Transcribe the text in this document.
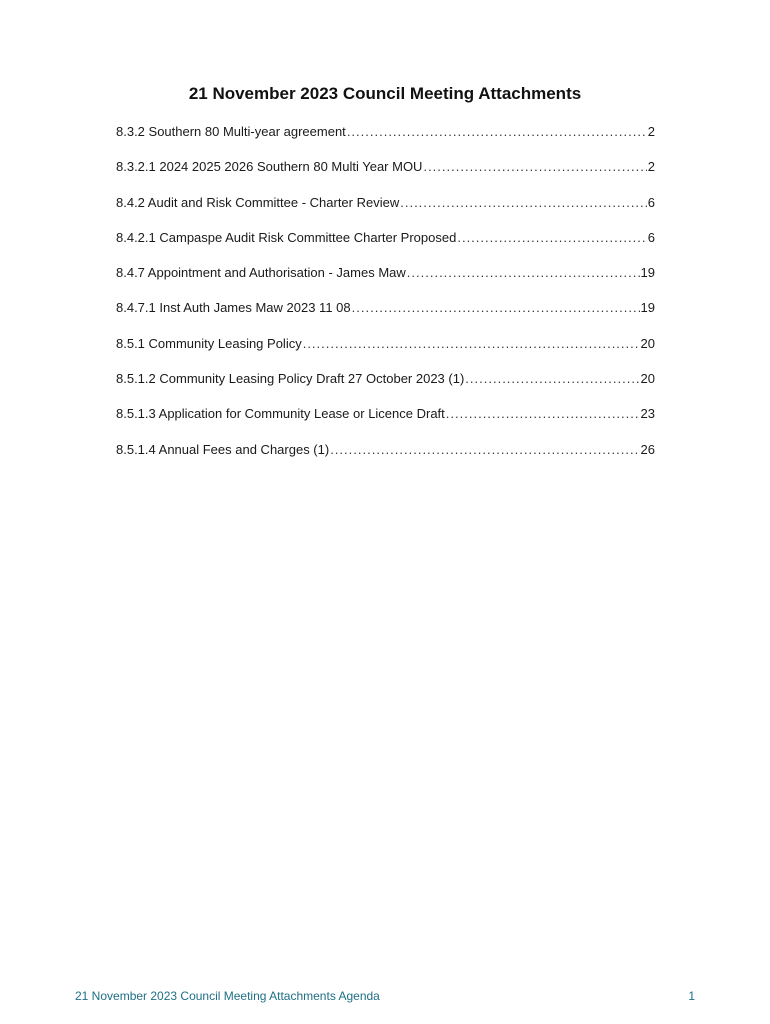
21 November 2023 Council Meeting Attachments
8.3.2 Southern 80 Multi-year agreement .....	2
8.3.2.1 2024 2025 2026 Southern 80 Multi Year MOU .....	2
8.4.2 Audit and Risk Committee - Charter Review .....	6
8.4.2.1 Campaspe Audit Risk Committee Charter Proposed .....	6
8.4.7 Appointment and Authorisation - James Maw .....	19
8.4.7.1 Inst Auth James Maw 2023 11 08 .....	19
8.5.1 Community Leasing Policy .....	20
8.5.1.2 Community Leasing Policy Draft 27 October 2023 (1) .....	20
8.5.1.3 Application for Community Lease or Licence Draft .....	23
8.5.1.4 Annual Fees and Charges (1) .....	26
21 November 2023 Council Meeting Attachments Agenda	1
